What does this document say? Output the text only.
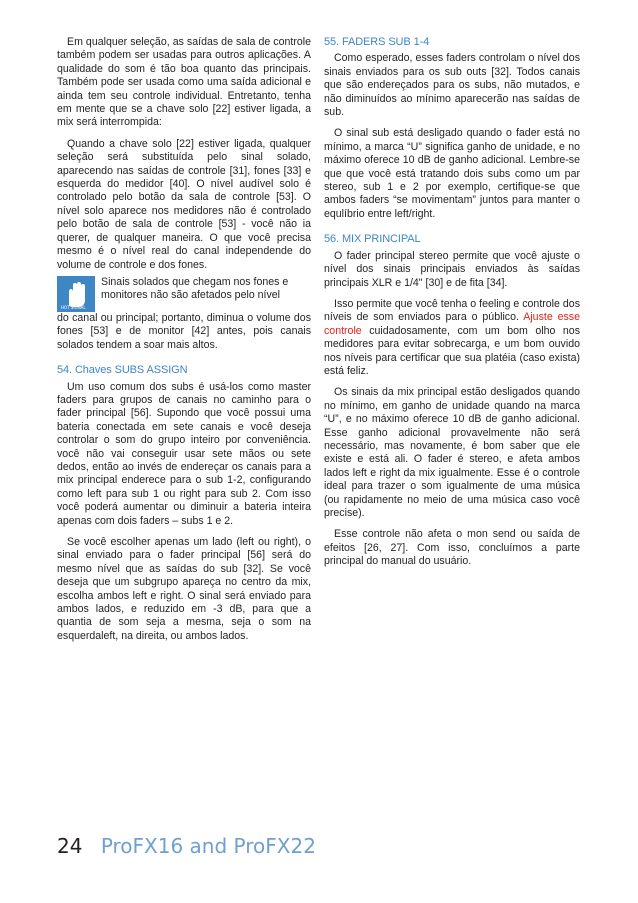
Em qualquer seleção, as saídas de sala de controle também podem ser usadas para outros aplicações. A qualidade do som é tão boa quanto das principais. Também pode ser usada como uma saída adicional e ainda tem seu controle individual. Entretanto, tenha em mente que se a chave solo [22] estiver ligada, a mix será interrompida:

Quando a chave solo [22] estiver ligada, qualquer seleção será substituída pelo sinal solado, aparecendo nas saídas de controle [31], fones [33] e esquerda do medidor [40]. O nível audível solo é controlado pelo botão da sala de controle [53]. O nível solo aparece nos medidores não é controlado pelo botão de sala de controle [53] - você não ia querer, de qualquer maneira. O que você precisa mesmo é o nível real do canal independende do volume de controle e dos fones.

HOT SIGNAL

Sinais solados que chegam nos fones e monitores não são afetados pelo nível

do canal ou principal; portanto, diminua o volume dos fones [53] e de monitor [42] antes, pois canais solados tendem a soar mais altos.

54. Chaves SUBS ASSIGN

Um uso comum dos subs é usá-los como master faders para grupos de canais no caminho para o fader principal [56]. Supondo que você possui uma bateria conectada em sete canais e você deseja controlar o som do grupo inteiro por conveniência. você não vai conseguir usar sete mãos ou sete dedos, então ao invés de endereçar os canais para a mix principal enderece para o sub 1-2, configurando como left para sub 1 ou right para sub 2. Com isso você poderá aumentar ou diminuir a bateria inteira apenas com dois faders – subs 1 e 2.

Se você escolher apenas um lado (left ou right), o sinal enviado para o fader principal [56] será do mesmo nível que as saídas do sub [32]. Se você deseja que um subgrupo apareça no centro da mix, escolha ambos left e right. O sinal será enviado para ambos lados, e reduzido em -3 dB, para que a quantia de som seja a mesma, seja o som na esquerdaleft, na direita, ou ambos lados.

55. FADERS SUB 1-4

Como esperado, esses faders controlam o nível dos sinais enviados para os sub outs [32]. Todos canais que são endereçados para os subs, não mutados, e não diminuídos ao mínimo aparecerão nas saídas de sub.

O sinal sub está desligado quando o fader está no mínimo, a marca “U” significa ganho de unidade, e no máximo oferece 10 dB de ganho adicional. Lembre-se que que você está tratando dois subs como um par stereo, sub 1 e 2 por exemplo, certifique-se que ambos faders “se movimentam” juntos para manter o equlíbrio entre left/right.

56. MIX PRINCIPAL

O fader principal stereo permite que você ajuste o nível dos sinais principais enviados às saídas principais XLR e 1/4" [30] e de fita [34].

Isso permite que você tenha o feeling e controle dos níveis de som enviados para o público. Ajuste esse controle cuidadosamente, com um bom olho nos medidores para evitar sobrecarga, e um bom ouvido nos níveis para certificar que sua platéia (caso exista) está feliz.

Os sinais da mix principal estão desligados quando no mínimo, em ganho de unidade quando na marca “U”, e no máximo oferece 10 dB de ganho adicional. Esse ganho adicional provavelmente não será necessário, mas novamente, é bom saber que ele existe e está ali. O fader é stereo, e afeta ambos lados left e right da mix igualmente. Esse é o controle ideal para trazer o som igualmente de uma música (ou rapidamente no meio de uma música caso você precise).

Esse controle não afeta o mon send ou saída de efeitos [26, 27]. Com isso, concluímos a parte principal do manual do usuário.

24 ProFX16 and ProFX22
